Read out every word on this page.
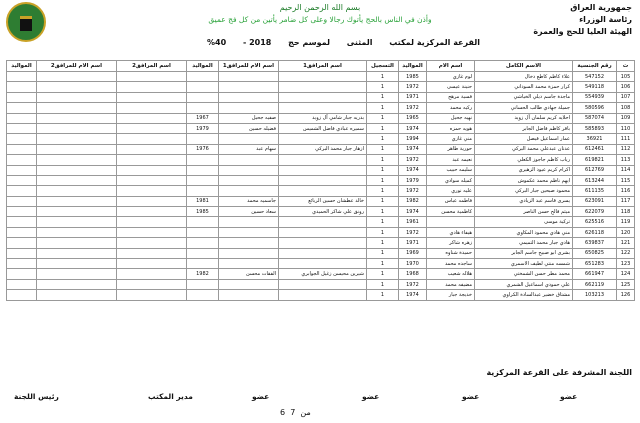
جمهورية العراق
رئاسة الوزراء
الهيئة العليا للحج والعمرة
بسم الله الرحمن الرحيم
وأذن في الناس بالحج يأتوك رجالا وعلى كل ضامر يأتين من كل فج عميق
القرعة المركزية لمكتب المثنى لموسم حج 2018 - 40%
ت	رقم الجنسية	الاسم الكامل	اسم الام	المواليد	التسجيل	اسم المرافق1	اسم الام للمرافق1	المواليد	اسم المرافق2	اسم الام للمرافق2	المواليد
105	547152	علاء كاظم كاطع دخال	لوم غازي	1985	1						
106	549118	كرار حمزة محمد السوداني	حنينة عيسى	1972	1						
107	554939	ماجدة جاسم ديلي الخياشي	فسية مرهج	1971	1						
108	580596	جميلة جهادي طالب الحساني	ركيه محمد	1972	1						
109	587074	احلايه كريم سلمان آل زويد	نهيه جحيل	1965	1	بدريه جبار شامي آل زويد	صفيه جحيل	1967			
110	585893	باقر كاظم فاضل الجابر	هويه حمزه	1974	1	سميره عبادي فاضل الشميس	فضيله حسين	1979			
111	36921	عمار اسماعيل فيصل	مني غازي	1994	1						
112	612461	عدنان عبدعلي محمد البركي	حورية طاهر	1974	1	ازهار جبار محمد البركي	سهام عبد	1976			
113	619821	رباب كاظم جاجوز الكعلي	نعيمه عبد	1972	1						
114	612769	اكرام كريم عيود الزهيري	سليمه حبيب	1974	1						
115	613244	ايهم ناظم محمد عكموش	كميله سوادي	1979	1						
116	611135	محمود صبحين جبار البركي	عليه نوري	1972	1						
117	623091	يسرى قاسم عبد الزيادي	فاطمه عباس	1982	1	خالد عطشان حسين الربائع	جاسميه محمد	1981			
118	622079	ميثم فالح حسن الناصر	كاظمية محسن	1974	1	رونق علي شاكر الحميدي	سعاد حسين	1985			
119	625516	تركية موسى		1961	1						
120	626118	مني هادي محمود المكاوي	هيفاء هادي	1972	1						
121	639837	هادي جبار محمد التميمي	زهره شاكر	1971	1						
122	650825	بشرى ابو صبيح جاسم الجابر	حميدة شناوه	1969	1						
123	651283	شمسه منتي لطيف الاسمري	ساجده محمد	1970	1						
124	661947	محمد مطر حسن الشمختي	هلاله شعيب	1968	1	شيرين محيسن زغيل الجوابري	الفقات محسن	1982			
125	662119	علي حمودي اسماعيل الشمري	مضيفه محمد	1972	1						
126	103213	مشتاق خضير عبدالسادة الكراوي	خديجة جبار	1974	1						
اللجنة المشرفة على القرعة المركزية
عضو
عضو
عضو
عضو
مدير المكتب
رئيس اللجنة
6 من  7
